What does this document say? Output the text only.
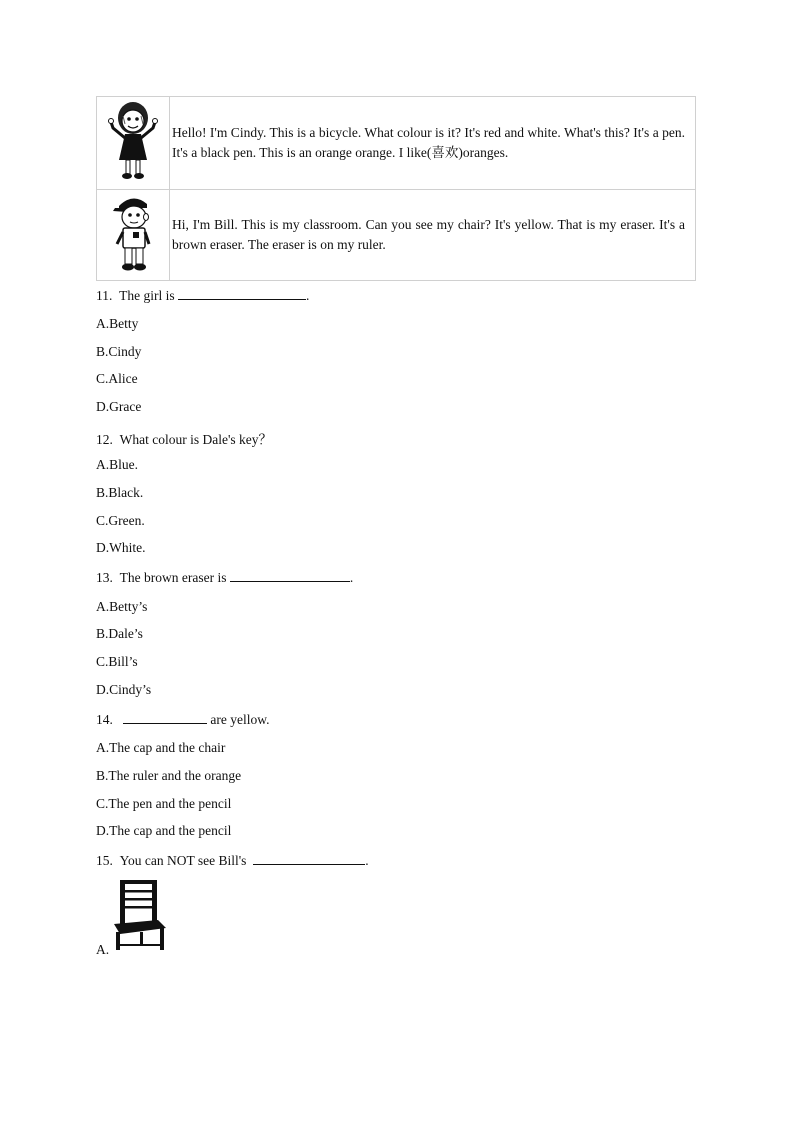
	Hello! I'm Cindy. This is a bicycle. What colour is it? It's red and white. What's this? It's a pen. It's a black pen. This is an orange orange. I like(喜欢)oranges.
	Hi, I'm Bill. This is my classroom. Can you see my chair? It's yellow. That is my eraser. It's a brown eraser. The eraser is on my ruler.
11. The girl is	.
A.Betty
B.Cindy
C.Alice
D.Grace
12. What colour is Dale's key？
A.Blue.
B.Black.
C.Green.
D.White.
13. The brown eraser is	.
A.Betty’s
B.Dale’s
C.Bill’s
D.Cindy’s
14.	are yellow.
A.The cap and the chair
B.The ruler and the orange
C.The pen and the pencil
D.The cap and the pencil
15. You can NOT see Bill's	.
A.
